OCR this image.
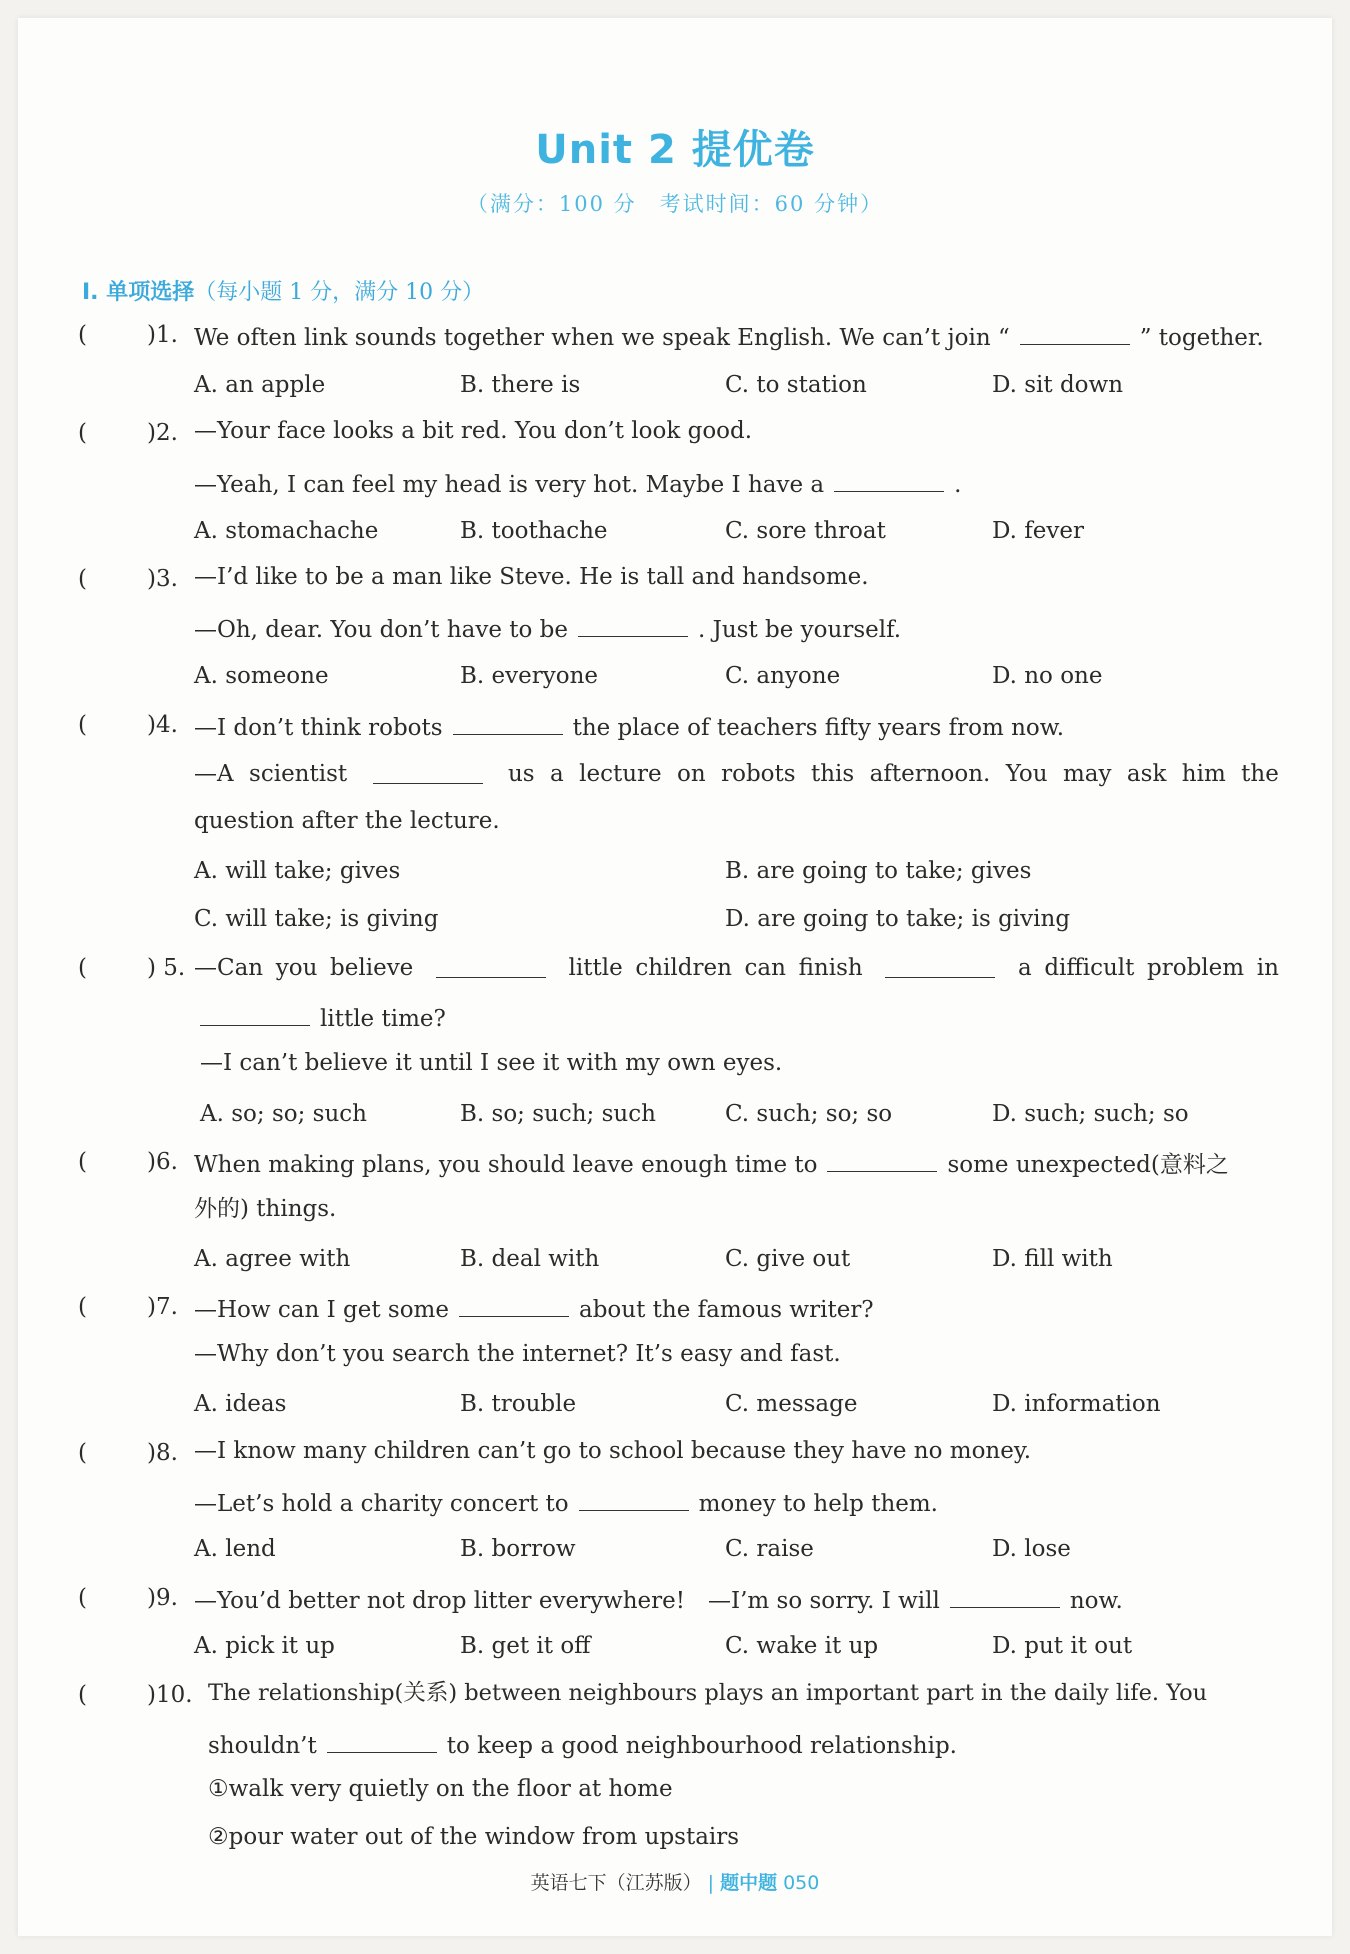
Unit 2 提优卷
（满分：100 分　考试时间：60 分钟）
Ⅰ. 单项选择（每小题 1 分，满分 10 分）
(	)1. We often link sounds together when we speak English. We can’t join “	” together.
A. an apple	B. there is	C. to station	D. sit down
(	)2. —Your face looks a bit red. You don’t look good.
—Yeah, I can feel my head is very hot. Maybe I have a	.
A. stomachache	B. toothache	C. sore throat	D. fever
(	)3. —I’d like to be a man like Steve. He is tall and handsome.
—Oh, dear. You don’t have to be	. Just be yourself.
A. someone	B. everyone	C. anyone	D. no one
(	)4. —I don’t think robots	the place of teachers fifty years from now.
—A scientist	us a lecture on robots this afternoon. You may ask him the
question after the lecture.
A. will take; gives	B. are going to take; gives
C. will take; is giving	D. are going to take; is giving
(	) 5. —Can you believe	little children can finish	a difficult problem in
little time?
—I can’t believe it until I see it with my own eyes.
A. so; so; such	B. so; such; such	C. such; so; so	D. such; such; so
(	)6. When making plans, you should leave enough time to	some unexpected(意料之
外的) things.
A. agree with	B. deal with	C. give out	D. fill with
(	)7. —How can I get some	about the famous writer?
—Why don’t you search the internet? It’s easy and fast.
A. ideas	B. trouble	C. message	D. information
(	)8. —I know many children can’t go to school because they have no money.
—Let’s hold a charity concert to	money to help them.
A. lend	B. borrow	C. raise	D. lose
(	)9. —You’d better not drop litter everywhere!　—I’m so sorry. I will	now.
A. pick it up	B. get it off	C. wake it up	D. put it out
(	)10. The relationship(关系) between neighbours plays an important part in the daily life. You
shouldn’t	to keep a good neighbourhood relationship.
①walk very quietly on the floor at home
②pour water out of the window from upstairs
英语七下（江苏版） | 题中题 050
